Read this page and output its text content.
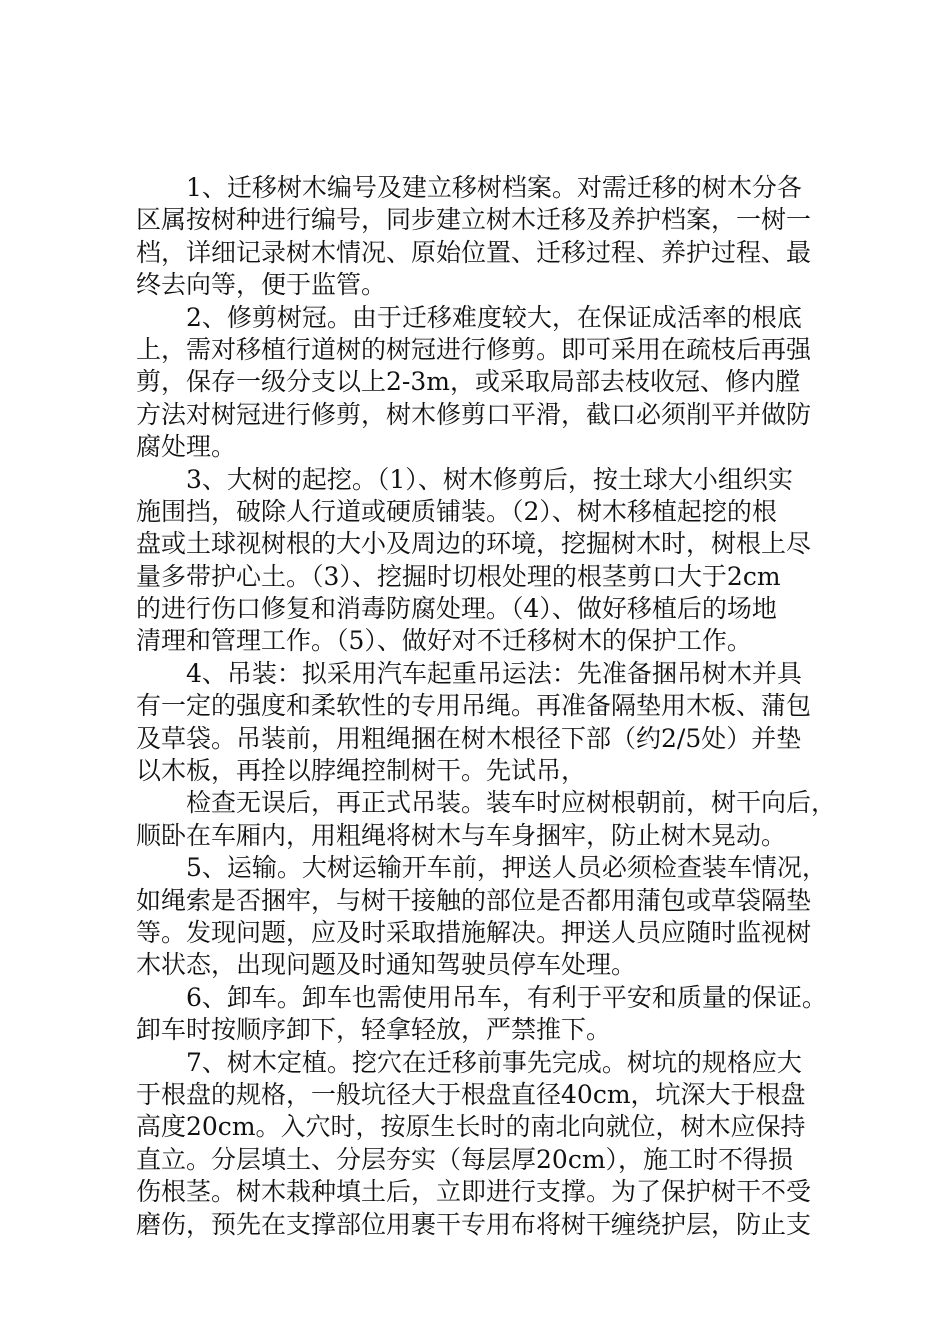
　　1、迁移树木编号及建立移树档案。对需迁移的树木分各
区属按树种进行编号，同步建立树木迁移及养护档案，一树一
档，详细记录树木情况、原始位置、迁移过程、养护过程、最
终去向等，便于监管。
　　2、修剪树冠。由于迁移难度较大，在保证成活率的根底
上，需对移植行道树的树冠进行修剪。即可采用在疏枝后再强
剪，保存一级分支以上2-3m，或采取局部去枝收冠、修内膛
方法对树冠进行修剪，树木修剪口平滑，截口必须削平并做防
腐处理。
　　3、大树的起挖。（1）、树木修剪后，按土球大小组织实
施围挡，破除人行道或硬质铺装。（2）、树木移植起挖的根
盘或土球视树根的大小及周边的环境，挖掘树木时，树根上尽
量多带护心土。（3）、挖掘时切根处理的根茎剪口大于2cm
的进行伤口修复和消毒防腐处理。（4）、做好移植后的场地
清理和管理工作。（5）、做好对不迁移树木的保护工作。
　　4、吊装：拟采用汽车起重吊运法：先准备捆吊树木并具
有一定的强度和柔软性的专用吊绳。再准备隔垫用木板、蒲包
及草袋。吊装前，用粗绳捆在树木根径下部（约2/5处）并垫
以木板，再拴以脖绳控制树干。先试吊，
　　检查无误后，再正式吊装。装车时应树根朝前，树干向后，
顺卧在车厢内，用粗绳将树木与车身捆牢，防止树木晃动。
　　5、运输。大树运输开车前，押送人员必须检查装车情况，
如绳索是否捆牢，与树干接触的部位是否都用蒲包或草袋隔垫
等。发现问题，应及时采取措施解决。押送人员应随时监视树
木状态，出现问题及时通知驾驶员停车处理。
　　6、卸车。卸车也需使用吊车，有利于平安和质量的保证。
卸车时按顺序卸下，轻拿轻放，严禁推下。
　　7、树木定植。挖穴在迁移前事先完成。树坑的规格应大
于根盘的规格，一般坑径大于根盘直径40cm，坑深大于根盘
高度20cm。入穴时，按原生长时的南北向就位，树木应保持
直立。分层填土、分层夯实（每层厚20cm），施工时不得损
伤根茎。树木栽种填土后，立即进行支撑。为了保护树干不受
磨伤，预先在支撑部位用裹干专用布将树干缠绕护层，防止支
